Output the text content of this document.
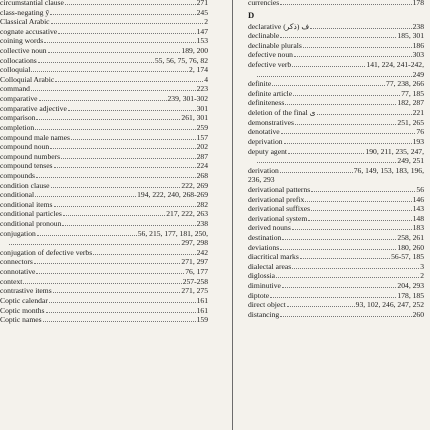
circumstantial clause	271
class-negating ỹ	245
Classical Arabic	2
cognate accusative	147
coining words	153
collective noun	189, 200
collocations	55, 56, 75, 76, 82
colloquial	2, 174
Colloquial Arabic	4
command	223
comparative	239, 301-302
comparative adjective	301
comparison	261, 301
completion	259
compound male names	157
compound noun	202
compound numbers	287
compound tenses	224
compounds	268
condition clause	222, 269
conditional	194, 222, 240, 268-269
conditional items	282
conditional particles	217, 222, 263
conditional pronoun	238
conjugation	56, 215, 177, 181, 250,
297, 298
conjugation of defective verbs	242
connectors	271, 297
connotative	76, 177
context	257-258
contrastive items	271, 275
Coptic calendar	161
Coptic months	161
Coptic names	159
currencies	178
D
declarative (ذكر) ف	238
declinable	185, 301
declinable plurals	186
defective noun	303
defective verb	141, 224, 241-242,
249
definite	77, 238, 266
definite article	77, 185
definiteness	182, 287
deletion of the final ى	221
demonstratives	251, 265
denotative	76
deprivation	193
deputy agent	190, 211, 235, 247,
249, 251
derivation	76, 149, 153, 183, 196,
236, 293
derivational patterns	56
derivational prefix	146
derivational suffixes	143
derivational system	148
derived nouns	183
destination	258, 261
deviations	180, 260
diacritical marks	56-57, 185
dialectal areas	3
diglossia	2
diminutive	204, 293
diptote	178, 185
direct object	93, 102, 246, 247, 252
distancing	260
